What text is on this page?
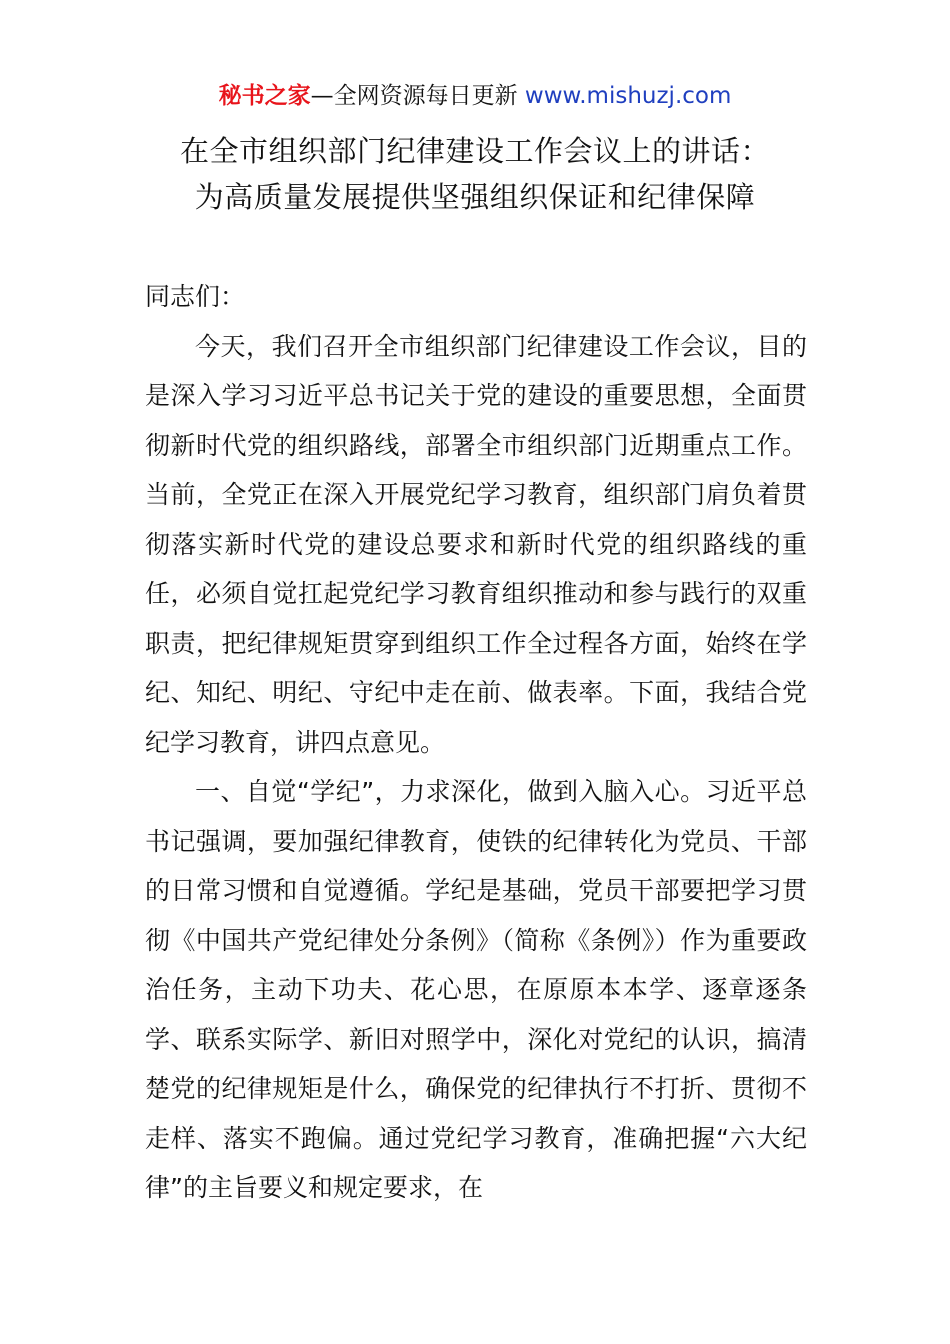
秘书之家—全网资源每日更新 www.mishuzj.com
在全市组织部门纪律建设工作会议上的讲话：
为高质量发展提供坚强组织保证和纪律保障

同志们：

今天，我们召开全市组织部门纪律建设工作会议，目的是深入学习习近平总书记关于党的建设的重要思想，全面贯彻新时代党的组织路线，部署全市组织部门近期重点工作。当前，全党正在深入开展党纪学习教育，组织部门肩负着贯彻落实新时代党的建设总要求和新时代党的组织路线的重任，必须自觉扛起党纪学习教育组织推动和参与践行的双重职责，把纪律规矩贯穿到组织工作全过程各方面，始终在学纪、知纪、明纪、守纪中走在前、做表率。下面，我结合党纪学习教育，讲四点意见。

一、自觉“学纪”，力求深化，做到入脑入心。习近平总书记强调，要加强纪律教育，使铁的纪律转化为党员、干部的日常习惯和自觉遵循。学纪是基础，党员干部要把学习贯彻《中国共产党纪律处分条例》（简称《条例》）作为重要政治任务，主动下功夫、花心思，在原原本本学、逐章逐条学、联系实际学、新旧对照学中，深化对党纪的认识，搞清楚党的纪律规矩是什么，确保党的纪律执行不打折、贯彻不走样、落实不跑偏。通过党纪学习教育，准确把握“六大纪律”的主旨要义和规定要求，在
